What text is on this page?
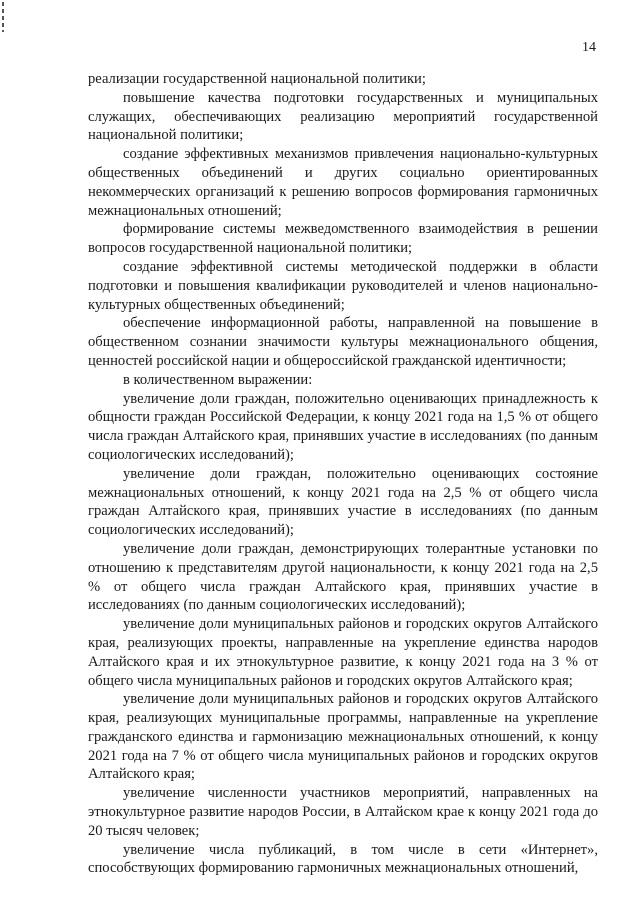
14

реализации государственной национальной политики;

повышение качества подготовки государственных и муниципальных служащих, обеспечивающих реализацию мероприятий государственной национальной политики;

создание эффективных механизмов привлечения национально-культурных общественных объединений и других социально ориентированных некоммерческих организаций к решению вопросов формирования гармоничных межнациональных отношений;

формирование системы межведомственного взаимодействия в решении вопросов государственной национальной политики;

создание эффективной системы методической поддержки в области подготовки и повышения квалификации руководителей и членов национально-культурных общественных объединений;

обеспечение информационной работы, направленной на повышение в общественном сознании значимости культуры межнационального общения, ценностей российской нации и общероссийской гражданской идентичности;

в количественном выражении:

увеличение доли граждан, положительно оценивающих принадлежность к общности граждан Российской Федерации, к концу 2021 года на 1,5 % от общего числа граждан Алтайского края, принявших участие в исследованиях (по данным социологических исследований);

увеличение доли граждан, положительно оценивающих состояние межнациональных отношений, к концу 2021 года на 2,5 % от общего числа граждан Алтайского края, принявших участие в исследованиях (по данным социологических исследований);

увеличение доли граждан, демонстрирующих толерантные установки по отношению к представителям другой национальности, к концу 2021 года на 2,5 % от общего числа граждан Алтайского края, принявших участие в исследованиях (по данным социологических исследований);

увеличение доли муниципальных районов и городских округов Алтайского края, реализующих проекты, направленные на укрепление единства народов Алтайского края и их этнокультурное развитие, к концу 2021 года на 3 % от общего числа муниципальных районов и городских округов Алтайского края;

увеличение доли муниципальных районов и городских округов Алтайского края, реализующих муниципальные программы, направленные на укрепление гражданского единства и гармонизацию межнациональных отношений, к концу 2021 года на 7 % от общего числа муниципальных районов и городских округов Алтайского края;

увеличение численности участников мероприятий, направленных на этнокультурное развитие народов России, в Алтайском крае к концу 2021 года до 20 тысяч человек;

увеличение числа публикаций, в том числе в сети «Интернет», способствующих формированию гармоничных межнациональных отношений,
